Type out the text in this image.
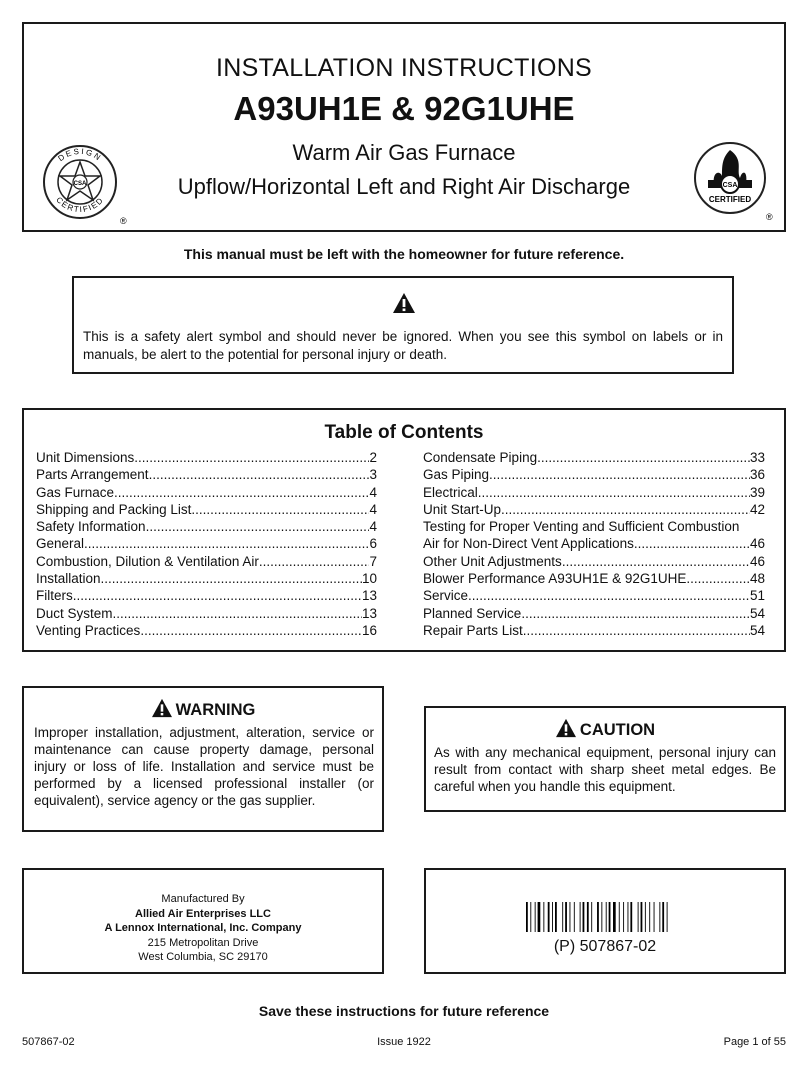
INSTALLATION INSTRUCTIONS
A93UH1E & 92G1UHE
Warm Air Gas Furnace
Upflow/Horizontal Left and Right Air Discharge
CSA
DESIGN
CERTIFIED
®
CSA
CERTIFIED
®
This manual must be left with the homeowner for future reference.
This is a safety alert symbol and should never be ignored. When you see this symbol on labels or in manuals, be alert to the potential for personal injury or death.
Table of Contents
Unit Dimensions .....	2
Parts Arrangement .....	3
Gas Furnace .....	4
Shipping and Packing List .....	4
Safety Information .....	4
General .....	6
Combustion, Dilution & Ventilation Air .....	7
Installation .....	10
Filters .....	13
Duct System .....	13
Venting Practices .....	16
Condensate Piping .....	33
Gas Piping .....	36
Electrical .....	39
Unit Start-Up .....	42
Testing for Proper Venting and Sufficient Combustion
Air for Non-Direct Vent Applications .....	46
Other Unit Adjustments .....	46
Blower Performance A93UH1E & 92G1UHE .....	48
Service .....	51
Planned Service .....	54
Repair Parts List .....	54
WARNING
Improper installation, adjustment, alteration, service or maintenance can cause property damage, personal injury or loss of life. Installation and service must be performed by a licensed professional installer (or equivalent), service agency or the gas supplier.
CAUTION
As with any mechanical equipment, personal injury can result from contact with sharp sheet metal edges. Be careful when you handle this equipment.
Manufactured By
Allied Air Enterprises LLC
A Lennox International, Inc. Company
215 Metropolitan Drive
West Columbia, SC 29170
(P) 507867-02
Save these instructions for future reference
507867-02	Issue 1922	Page 1 of 55
